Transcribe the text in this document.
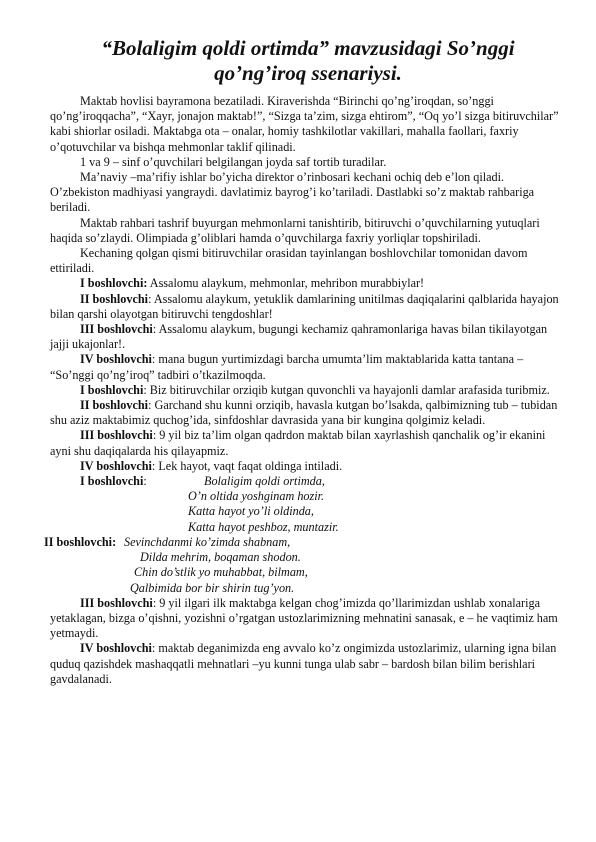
“Bolaligim qoldi ortimda” mavzusidagi So’nggi qo’ng’iroq ssenariysi.

Maktab hovlisi bayramona bezatiladi. Kiraverishda “Birinchi qo’ng’iroqdan, so’nggi qo’ng’iroqqacha”, “Xayr, jonajon maktab!”, “Sizga ta’zim, sizga ehtirom”, “Oq yo’l sizga bitiruvchilar” kabi shiorlar osiladi. Maktabga ota – onalar, homiy tashkilotlar vakillari, mahalla faollari, faxriy o’qotuvchilar va bishqa mehmonlar taklif qilinadi.

1 va 9 – sinf o’quvchilari belgilangan joyda saf tortib turadilar.

Ma’naviy –ma’rifiy ishlar bo’yicha direktor o’rinbosari kechani ochiq deb e’lon qiladi. O’zbekiston madhiyasi yangraydi. davlatimiz bayrog’i ko’tariladi. Dastlabki so’z maktab rahbariga beriladi.

Maktab rahbari tashrif buyurgan mehmonlarni tanishtirib, bitiruvchi o’quvchilarning yutuqlari haqida so’zlaydi. Olimpiada g’oliblari hamda o’quvchilarga faxriy yorliqlar topshiriladi.

Kechaning qolgan qismi bitiruvchilar orasidan tayinlangan boshlovchilar tomonidan davom ettiriladi.

I boshlovchi: Assalomu alaykum, mehmonlar, mehribon murabbiylar!

II boshlovchi: Assalomu alaykum, yetuklik damlarining unitilmas daqiqalarini qalblarida hayajon bilan qarshi olayotgan bitiruvchi tengdoshlar!

III boshlovchi: Assalomu alaykum, bugungi kechamiz qahramonlariga havas bilan tikilayotgan jajji ukajonlar!.

IV boshlovchi: mana bugun yurtimizdagi barcha umumta’lim maktablarida katta tantana – “So’nggi qo’ng’iroq” tadbiri o’tkazilmoqda.

I boshlovchi: Biz bitiruvchilar orziqib kutgan quvonchli va hayajonli damlar arafasida turibmiz.

II boshlovchi: Garchand shu kunni orziqib, havasla kutgan bo’lsakda, qalbimizning tub – tubidan shu aziz maktabimiz quchog’ida, sinfdoshlar davrasida yana bir kungina qolgimiz keladi.

III boshlovchi: 9 yil biz ta’lim olgan qadrdon maktab bilan xayrlashish qanchalik og’ir ekanini ayni shu daqiqalarda his qilayapmiz.

IV boshlovchi: Lek hayot, vaqt faqat oldinga intiladi.

I boshlovchi:	Bolaligim qoldi ortimda,

O’n oltida yoshginam hozir.

Katta hayot yo’li oldinda,

Katta hayot peshboz, muntazir.

II boshlovchi: Sevinchdanmi ko’zimda shabnam,

Dilda mehrim, boqaman shodon.

Chin do’stlik yo muhabbat, bilmam,

Qalbimida bor bir shirin tug’yon.

III boshlovchi: 9 yil ilgari ilk maktabga kelgan chog’imizda qo’llarimizdan ushlab xonalariga yetaklagan, bizga o’qishni, yozishni o’rgatgan ustozlarimizning mehnatini sanasak, e – he vaqtimiz ham yetmaydi.

IV boshlovchi: maktab deganimizda eng avvalo ko’z ongimizda ustozlarimiz, ularning igna bilan quduq qazishdek mashaqqatli mehnatlari –yu kunni tunga ulab sabr – bardosh bilan bilim berishlari gavdalanadi.
